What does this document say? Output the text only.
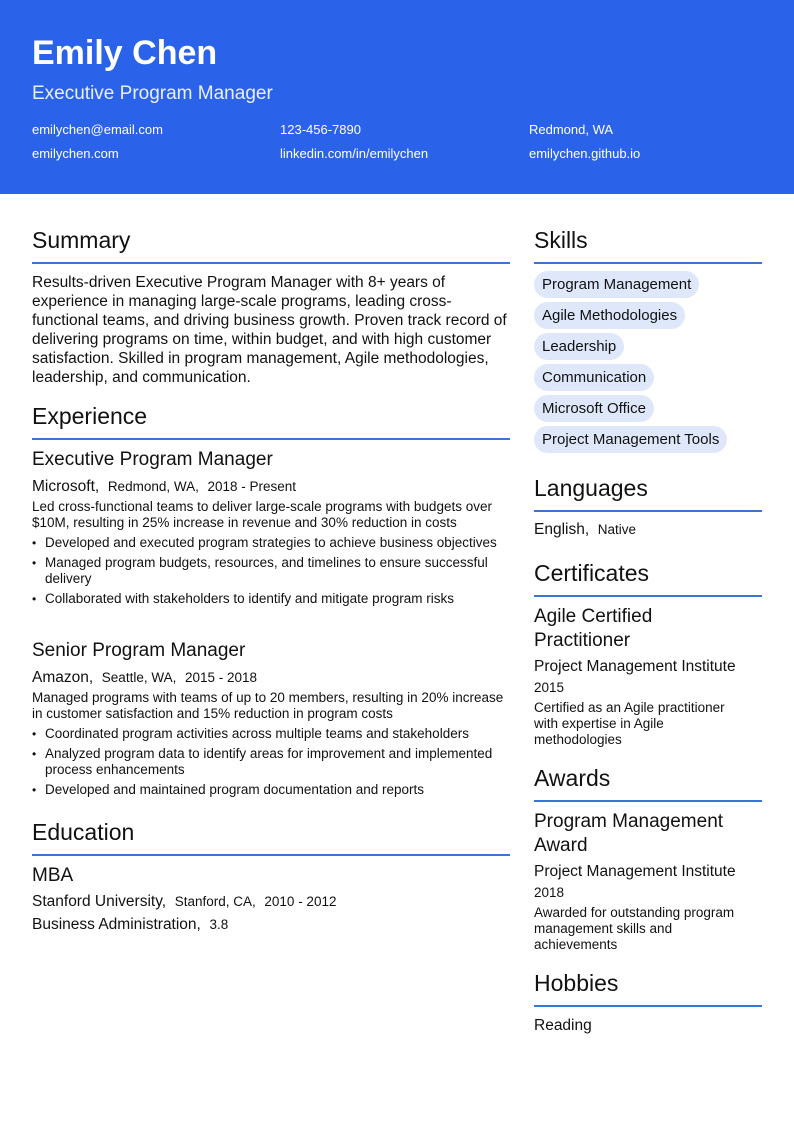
Emily Chen
Executive Program Manager
emilychen@email.com	123-456-7890	Redmond, WA
emilychen.com	linkedin.com/in/emilychen	emilychen.github.io
Summary
Results-driven Executive Program Manager with 8+ years of experience in managing large-scale programs, leading cross-functional teams, and driving business growth. Proven track record of delivering programs on time, within budget, and with high customer satisfaction. Skilled in program management, Agile methodologies, leadership, and communication.
Experience
Executive Program Manager
Microsoft, Redmond, WA, 2018 - Present
Led cross-functional teams to deliver large-scale programs with budgets over $10M, resulting in 25% increase in revenue and 30% reduction in costs
• Developed and executed program strategies to achieve business objectives
• Managed program budgets, resources, and timelines to ensure successful delivery
• Collaborated with stakeholders to identify and mitigate program risks
Senior Program Manager
Amazon, Seattle, WA, 2015 - 2018
Managed programs with teams of up to 20 members, resulting in 20% increase in customer satisfaction and 15% reduction in program costs
• Coordinated program activities across multiple teams and stakeholders
• Analyzed program data to identify areas for improvement and implemented process enhancements
• Developed and maintained program documentation and reports
Education
MBA
Stanford University, Stanford, CA, 2010 - 2012
Business Administration, 3.8
Skills
Program Management
Agile Methodologies
Leadership
Communication
Microsoft Office
Project Management Tools
Languages
English, Native
Certificates
Agile Certified
Practitioner
Project Management Institute
2015
Certified as an Agile practitioner with expertise in Agile methodologies
Awards
Program Management
Award
Project Management Institute
2018
Awarded for outstanding program management skills and achievements
Hobbies
Reading
